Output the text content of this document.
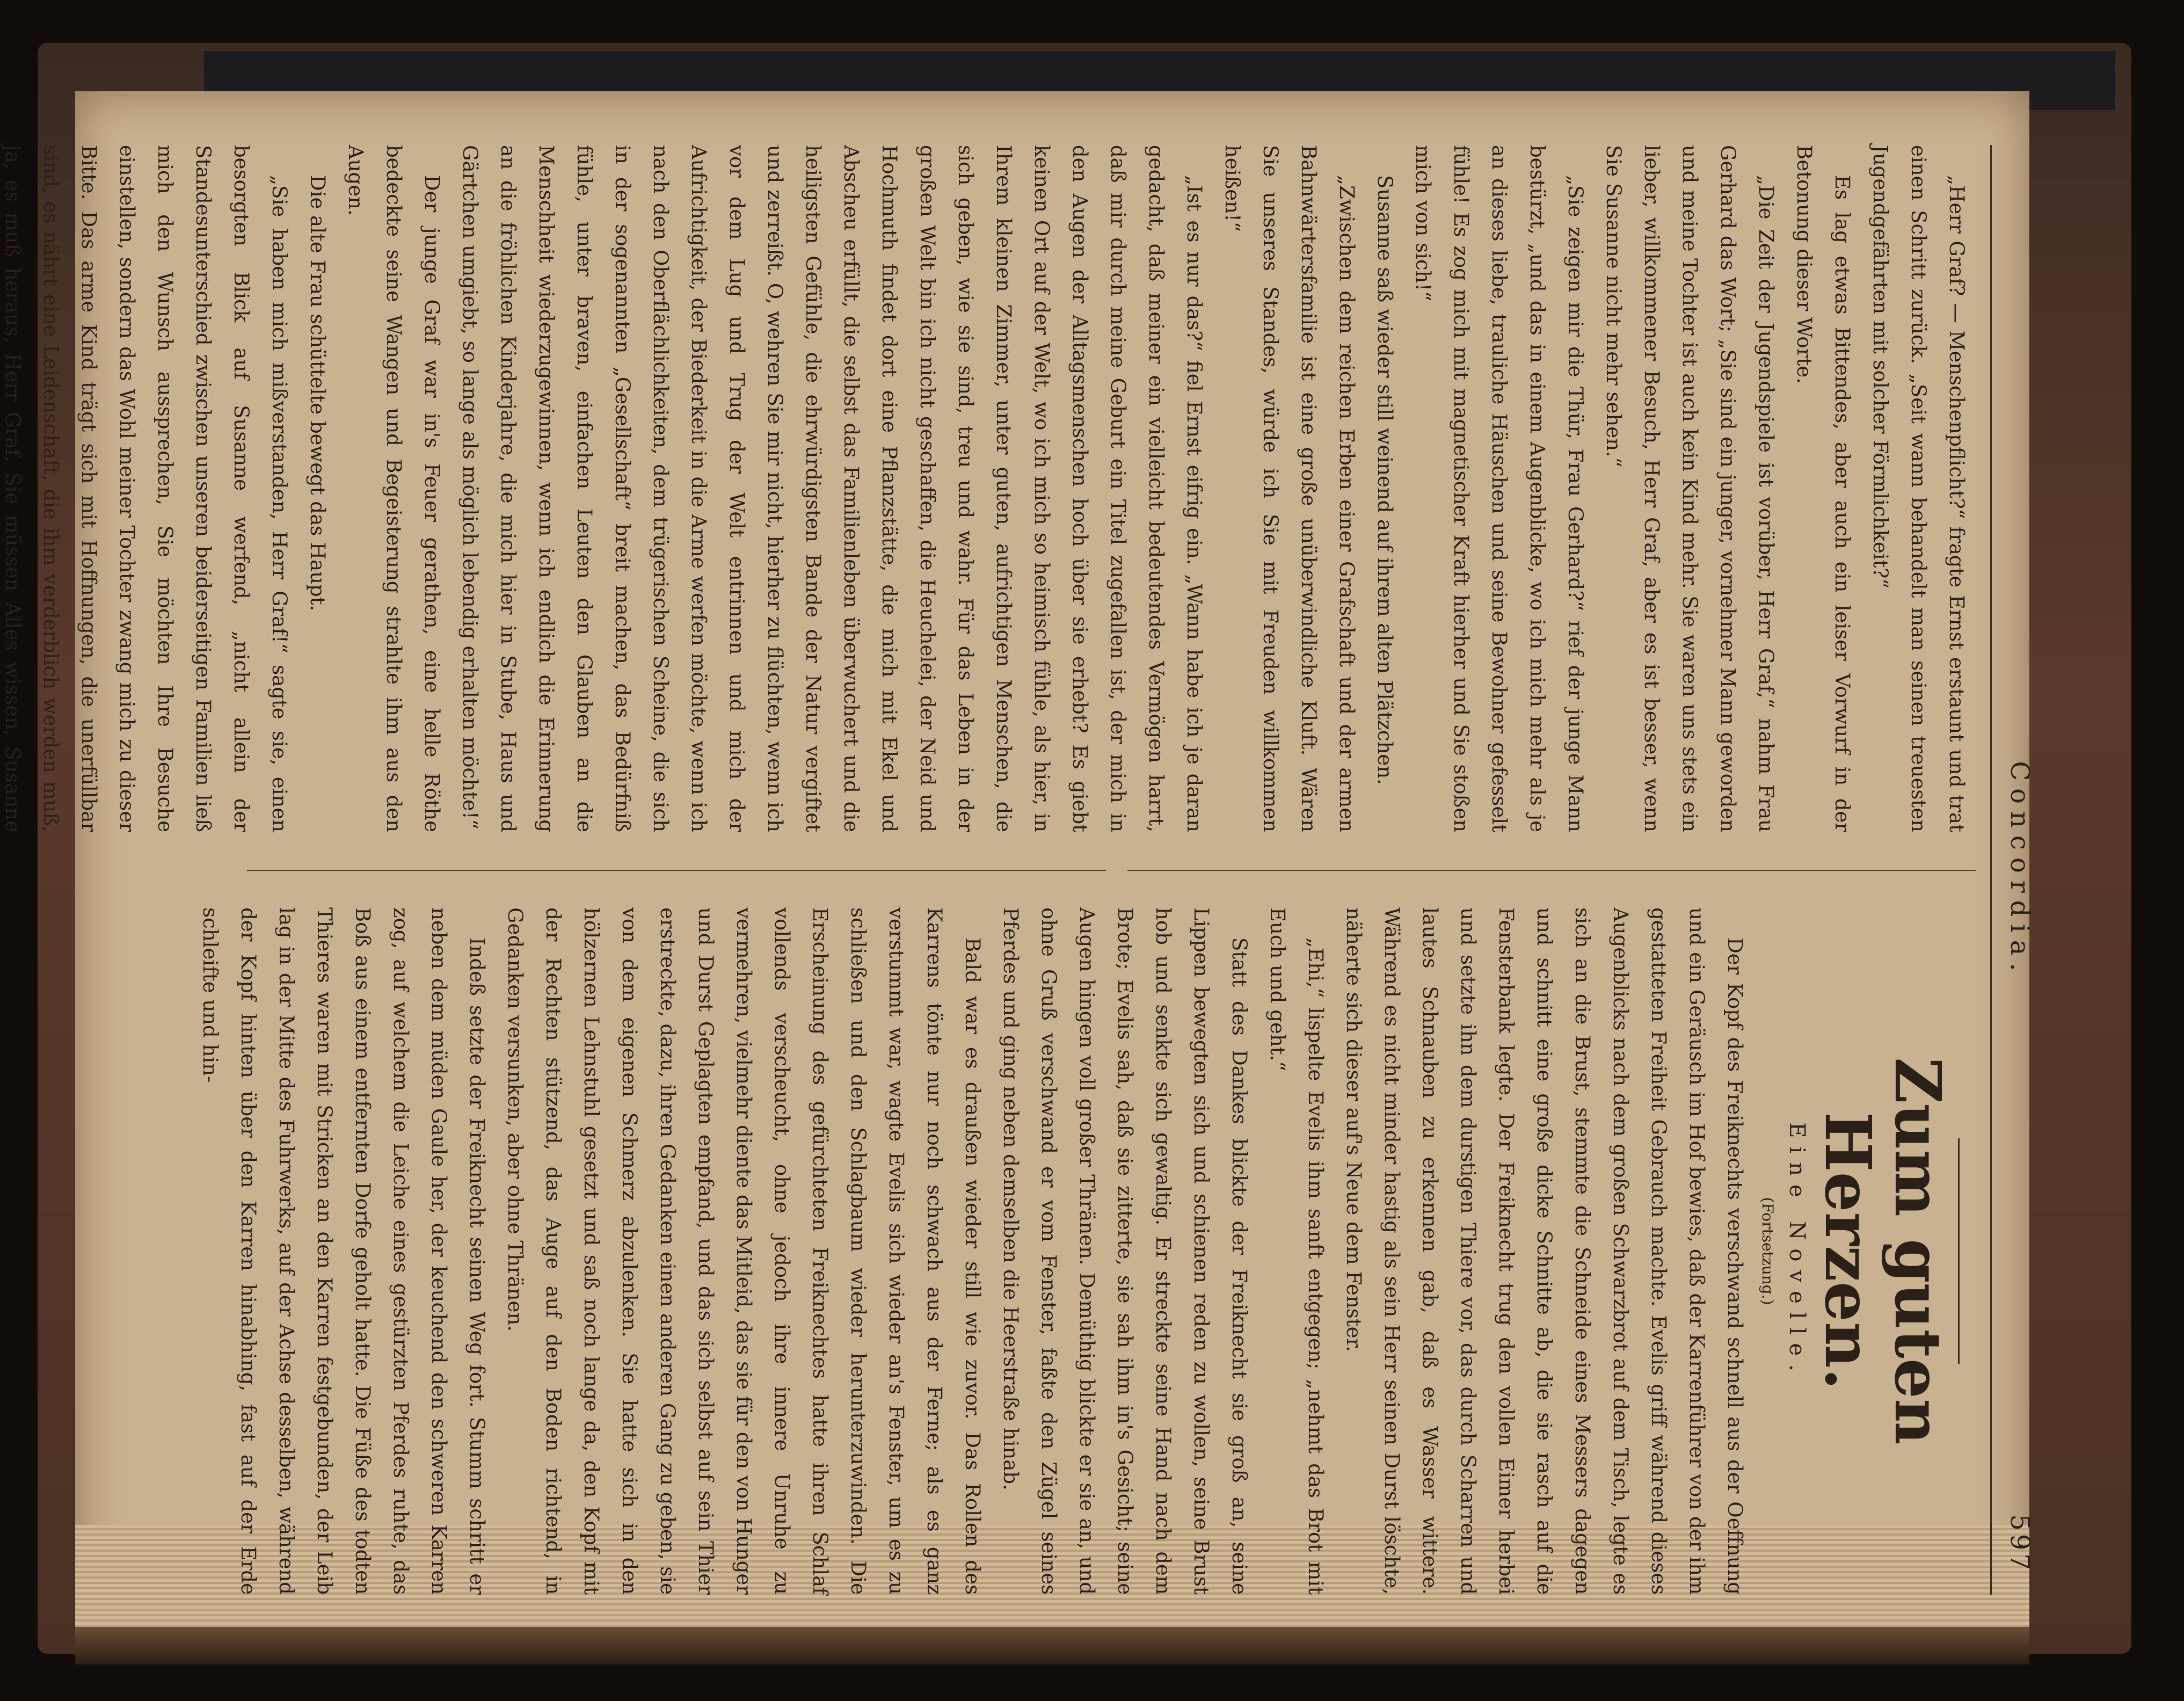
Concordia.
597

„Herr Graf? — Menschenpflicht?“ fragte Ernst erstaunt und trat einen Schritt zurück. „Seit wann behandelt man seinen treuesten Jugendgefährten mit solcher Förmlichkeit?“

Es lag etwas Bittendes, aber auch ein leiser Vorwurf in der Betonung dieser Worte.

„Die Zeit der Jugendspiele ist vorüber, Herr Graf,“ nahm Frau Gerhard das Wort; „Sie sind ein junger, vornehmer Mann geworden und meine Tochter ist auch kein Kind mehr. Sie waren uns stets ein lieber, willkommener Besuch, Herr Graf, aber es ist besser, wenn Sie Susanne nicht mehr sehen.“

„Sie zeigen mir die Thür, Frau Gerhard?“ rief der junge Mann bestürzt, „und das in einem Augenblicke, wo ich mich mehr als je an dieses liebe, trauliche Häuschen und seine Bewohner gefesselt fühle! Es zog mich mit magnetischer Kraft hierher und Sie stoßen mich von sich!“

Susanne saß wieder still weinend auf ihrem alten Plätzchen.

„Zwischen dem reichen Erben einer Grafschaft und der armen Bahnwärtersfamilie ist eine große unüberwindliche Kluft. Wären Sie unseres Standes, würde ich Sie mit Freuden willkommen heißen!“

„Ist es nur das?“ fiel Ernst eifrig ein. „Wann habe ich je daran gedacht, daß meiner ein vielleicht bedeutendes Vermögen harrt, daß mir durch meine Geburt ein Titel zugefallen ist, der mich in den Augen der Alltagsmenschen hoch über sie erhebt? Es giebt keinen Ort auf der Welt, wo ich mich so heimisch fühle, als hier, in Ihrem kleinen Zimmer, unter guten, aufrichtigen Menschen, die sich geben, wie sie sind, treu und wahr. Für das Leben in der großen Welt bin ich nicht geschaffen, die Heuchelei, der Neid und Hochmuth findet dort eine Pflanzstätte, die mich mit Ekel und Abscheu erfüllt, die selbst das Familienleben überwuchert und die heiligsten Gefühle, die ehrwürdigsten Bande der Natur vergiftet und zerreißt. O, wehren Sie mir nicht, hierher zu flüchten, wenn ich vor dem Lug und Trug der Welt entrinnen und mich der Aufrichtigkeit, der Biederkeit in die Arme werfen möchte, wenn ich nach den Oberflächlichkeiten, dem trügerischen Scheine, die sich in der sogenannten „Gesellschaft“ breit machen, das Bedürfniß fühle, unter braven, einfachen Leuten den Glauben an die Menschheit wiederzugewinnen, wenn ich endlich die Erinnerung an die fröhlichen Kinderjahre, die mich hier in Stube, Haus und Gärtchen umgiebt, so lange als möglich lebendig erhalten möchte!“

Der junge Graf war in's Feuer gerathen, eine helle Röthe bedeckte seine Wangen und Begeisterung strahlte ihm aus den Augen.

Die alte Frau schüttelte bewegt das Haupt.

„Sie haben mich mißverstanden, Herr Graf!“ sagte sie, einen besorgten Blick auf Susanne werfend, „nicht allein der Standesunterschied zwischen unseren beiderseitigen Familien ließ mich den Wunsch aussprechen, Sie möchten Ihre Besuche einstellen, sondern das Wohl meiner Tochter zwang mich zu dieser Bitte. Das arme Kind trägt sich mit Hoffnungen, die unerfüllbar sind, es nährt eine Leidenschaft, die ihm verderblich werden muß, ja, es muß heraus, Herr Graf, Sie müssen Alles wissen, Susanne

Zum guten Herzen.
Eine Novelle.
(Fortsetzung.)

Der Kopf des Freiknechts verschwand schnell aus der Oeffnung und ein Geräusch im Hof bewies, daß der Karrenführer von der ihm gestatteten Freiheit Gebrauch machte. Evelis griff während dieses Augenblicks nach dem großen Schwarzbrot auf dem Tisch, legte es sich an die Brust, stemmte die Schneide eines Messers dagegen und schnitt eine große dicke Schnitte ab, die sie rasch auf die Fensterbank legte. Der Freiknecht trug den vollen Eimer herbei und setzte ihn dem durstigen Thiere vor, das durch Scharren und lautes Schnauben zu erkennen gab, daß es Wasser wittere. Während es nicht minder hastig als sein Herr seinen Durst löschte, näherte sich dieser auf's Neue dem Fenster.

„Ehi,“ lispelte Evelis ihm sanft entgegen; „nehmt das Brot mit Euch und geht.“

Statt des Dankes blickte der Freiknecht sie groß an, seine Lippen bewegten sich und schienen reden zu wollen, seine Brust hob und senkte sich gewaltig. Er streckte seine Hand nach dem Brote; Evelis sah, daß sie zitterte, sie sah ihm in's Gesicht; seine Augen hingen voll großer Thränen. Demüthig blickte er sie an, und ohne Gruß verschwand er vom Fenster, faßte den Zügel seines Pferdes und ging neben demselben die Heerstraße hinab.

Bald war es draußen wieder still wie zuvor. Das Rollen des Karrens tönte nur noch schwach aus der Ferne; als es ganz verstummt war, wagte Evelis sich wieder an's Fenster, um es zu schließen und den Schlagbaum wieder herunterzuwinden. Die Erscheinung des gefürchteten Freiknechtes hatte ihren Schlaf vollends verscheucht, ohne jedoch ihre innere Unruhe zu vermehren, vielmehr diente das Mitleid, das sie für den von Hunger und Durst Geplagten empfand, und das sich selbst auf sein Thier erstreckte, dazu, ihren Gedanken einen anderen Gang zu geben, sie von dem eigenen Schmerz abzulenken. Sie hatte sich in den hölzernen Lehnstuhl gesetzt und saß noch lange da, den Kopf mit der Rechten stützend, das Auge auf den Boden richtend, in Gedanken versunken, aber ohne Thränen.

Indeß setzte der Freiknecht seinen Weg fort. Stumm schritt er neben dem müden Gaule her, der keuchend den schweren Karren zog, auf welchem die Leiche eines gestürzten Pferdes ruhte, das Boß aus einem entfernten Dorfe geholt hatte. Die Füße des todten Thieres waren mit Stricken an den Karren festgebunden, der Leib lag in der Mitte des Fuhrwerks, auf der Achse desselben, während der Kopf hinten über den Karren hinabhing, fast auf der Erde schleifte und hin-
